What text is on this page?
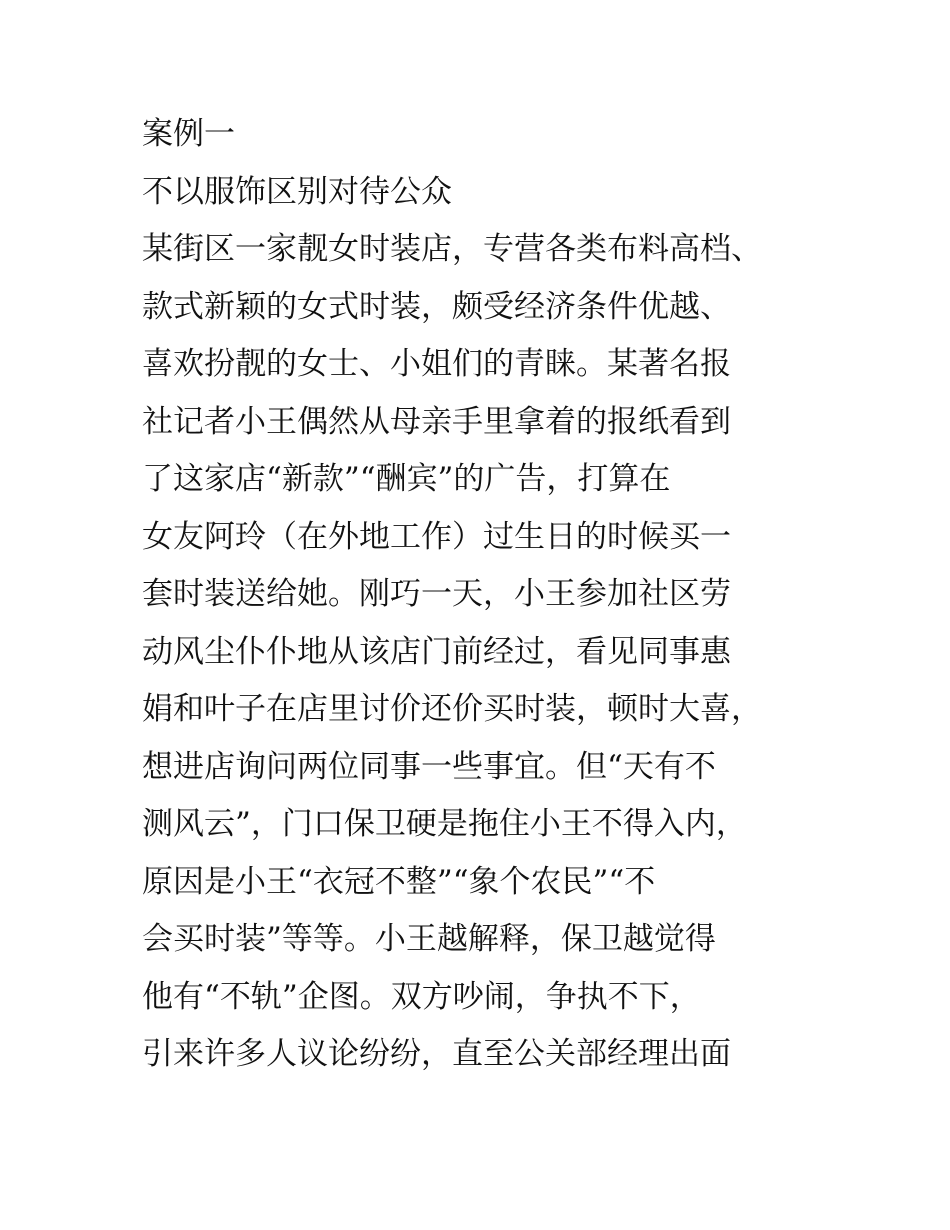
案例一
不以服饰区别对待公众
某街区一家靓女时装店，专营各类布料高档、
款式新颖的女式时装，颇受经济条件优越、
喜欢扮靓的女士、小姐们的青睐。某著名报
社记者小王偶然从母亲手里拿着的报纸看到
了这家店“新款”“酬宾”的广告，打算在
女友阿玲（在外地工作）过生日的时候买一
套时装送给她。刚巧一天，小王参加社区劳
动风尘仆仆地从该店门前经过，看见同事惠
娟和叶子在店里讨价还价买时装，顿时大喜，
想进店询问两位同事一些事宜。但“天有不
测风云”，门口保卫硬是拖住小王不得入内，
原因是小王“衣冠不整”“象个农民”“不
会买时装”等等。小王越解释，保卫越觉得
他有“不轨”企图。双方吵闹，争执不下，
引来许多人议论纷纷，直至公关部经理出面
